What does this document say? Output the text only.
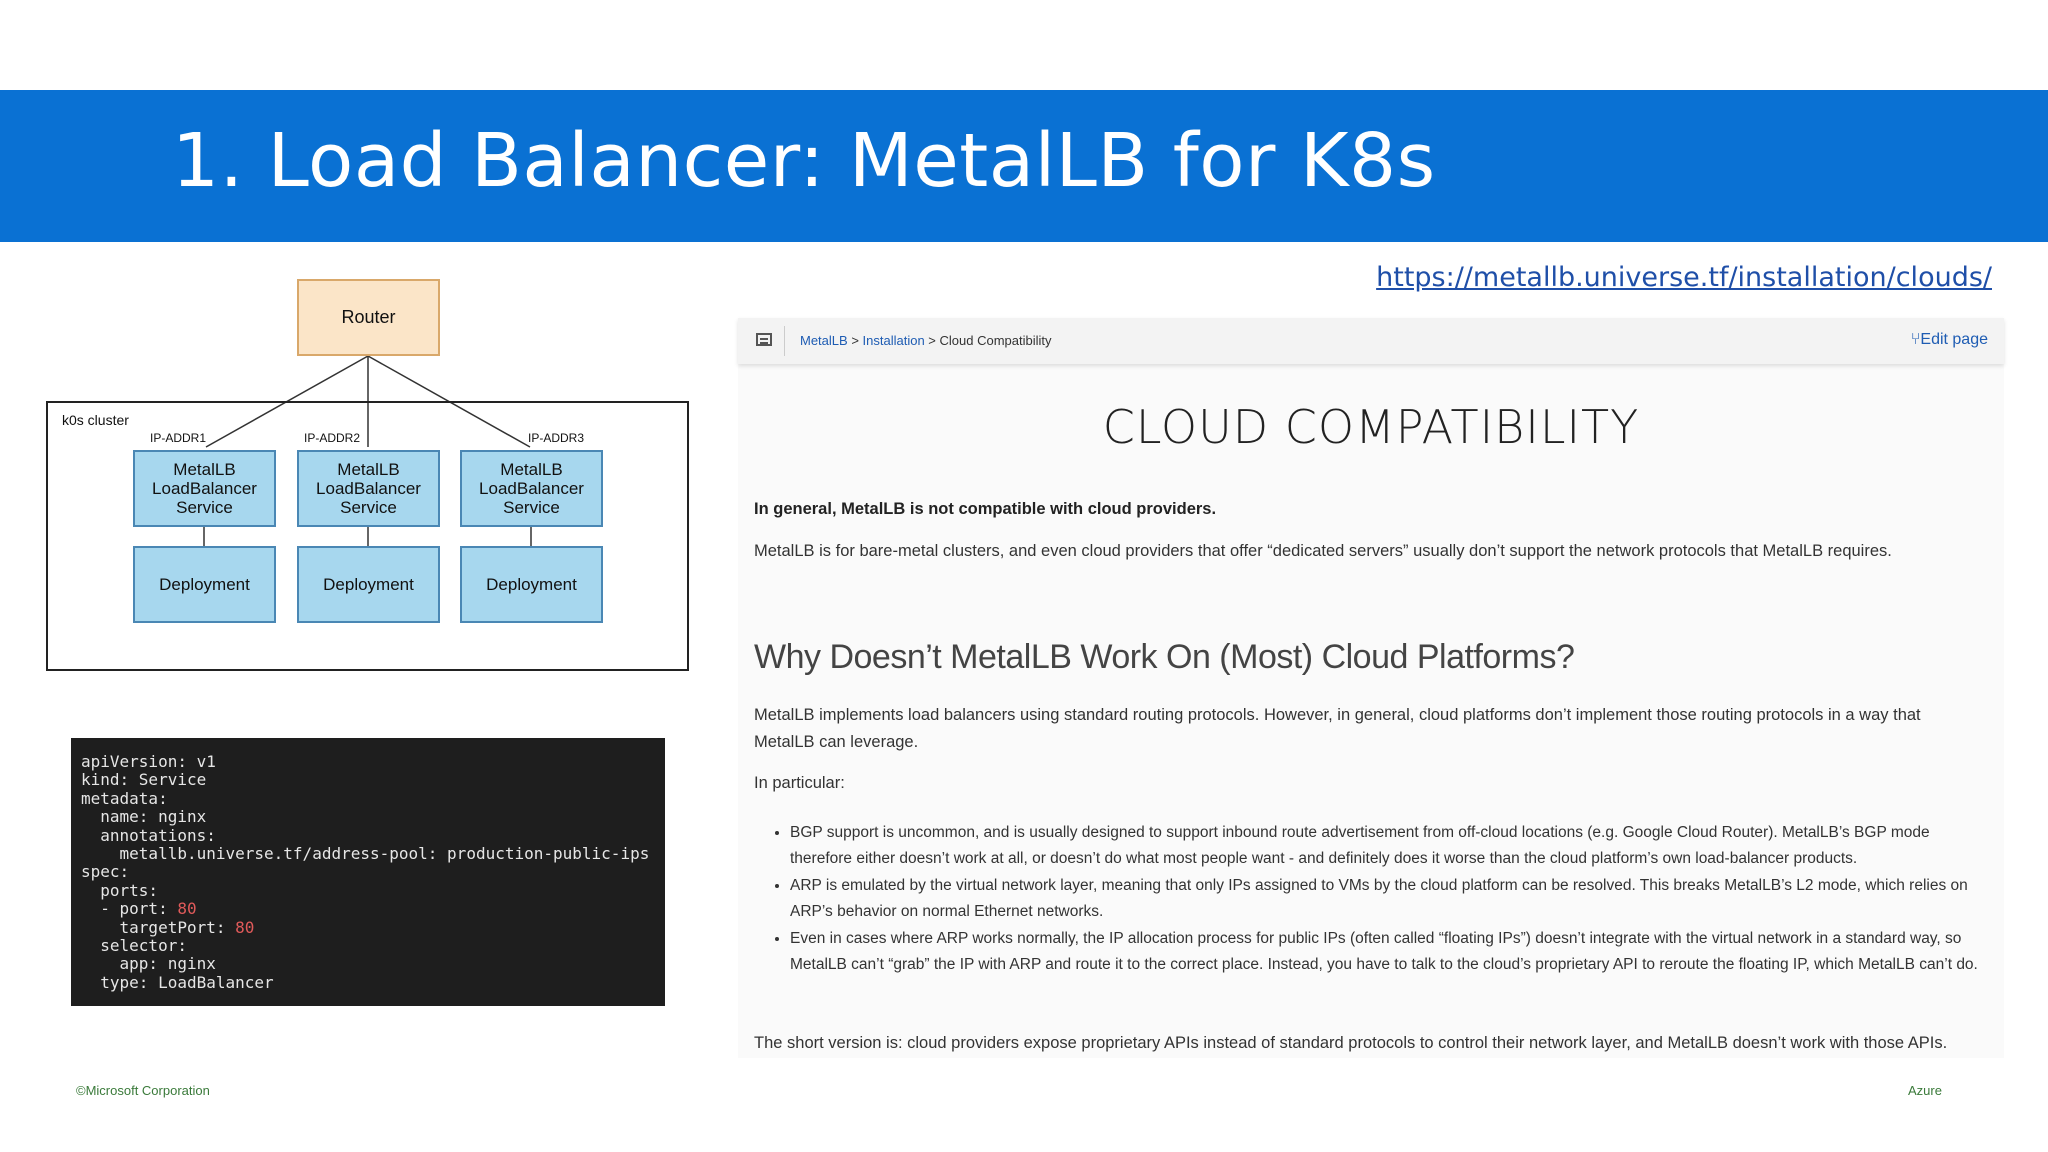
1. Load Balancer: MetalLB for K8s
https://metallb.universe.tf/installation/clouds/
k0s cluster
Router
IP-ADDR1	IP-ADDR2	IP-ADDR3
MetalLB
LoadBalancer
Service
MetalLB
LoadBalancer
Service
MetalLB
LoadBalancer
Service
Deployment	Deployment	Deployment
apiVersion: v1
kind: Service
metadata:
name: nginx
annotations:
metallb.universe.tf/address-pool: production-public-ips
spec:
ports:
- port: 80
targetPort: 80
selector:
app: nginx
type: LoadBalancer
MetalLB > Installation > Cloud Compatibility	⑂Edit page
CLOUD COMPATIBILITY
In general, MetalLB is not compatible with cloud providers.
MetalLB is for bare-metal clusters, and even cloud providers that offer “dedicated servers” usually don’t support the network protocols that MetalLB requires.
Why Doesn’t MetalLB Work On (Most) Cloud Platforms?
MetalLB implements load balancers using standard routing protocols. However, in general, cloud platforms don’t implement those routing protocols in a way that MetalLB can leverage.
In particular:
• BGP support is uncommon, and is usually designed to support inbound route advertisement from off-cloud locations (e.g. Google Cloud Router). MetalLB’s BGP mode therefore either doesn’t work at all, or doesn’t do what most people want - and definitely does it worse than the cloud platform’s own load-balancer products.
• ARP is emulated by the virtual network layer, meaning that only IPs assigned to VMs by the cloud platform can be resolved. This breaks MetalLB’s L2 mode, which relies on ARP’s behavior on normal Ethernet networks.
• Even in cases where ARP works normally, the IP allocation process for public IPs (often called “floating IPs”) doesn’t integrate with the virtual network in a standard way, so MetalLB can’t “grab” the IP with ARP and route it to the correct place. Instead, you have to talk to the cloud’s proprietary API to reroute the floating IP, which MetalLB can’t do.
The short version is: cloud providers expose proprietary APIs instead of standard protocols to control their network layer, and MetalLB doesn’t work with those APIs.
©Microsoft Corporation	Azure
